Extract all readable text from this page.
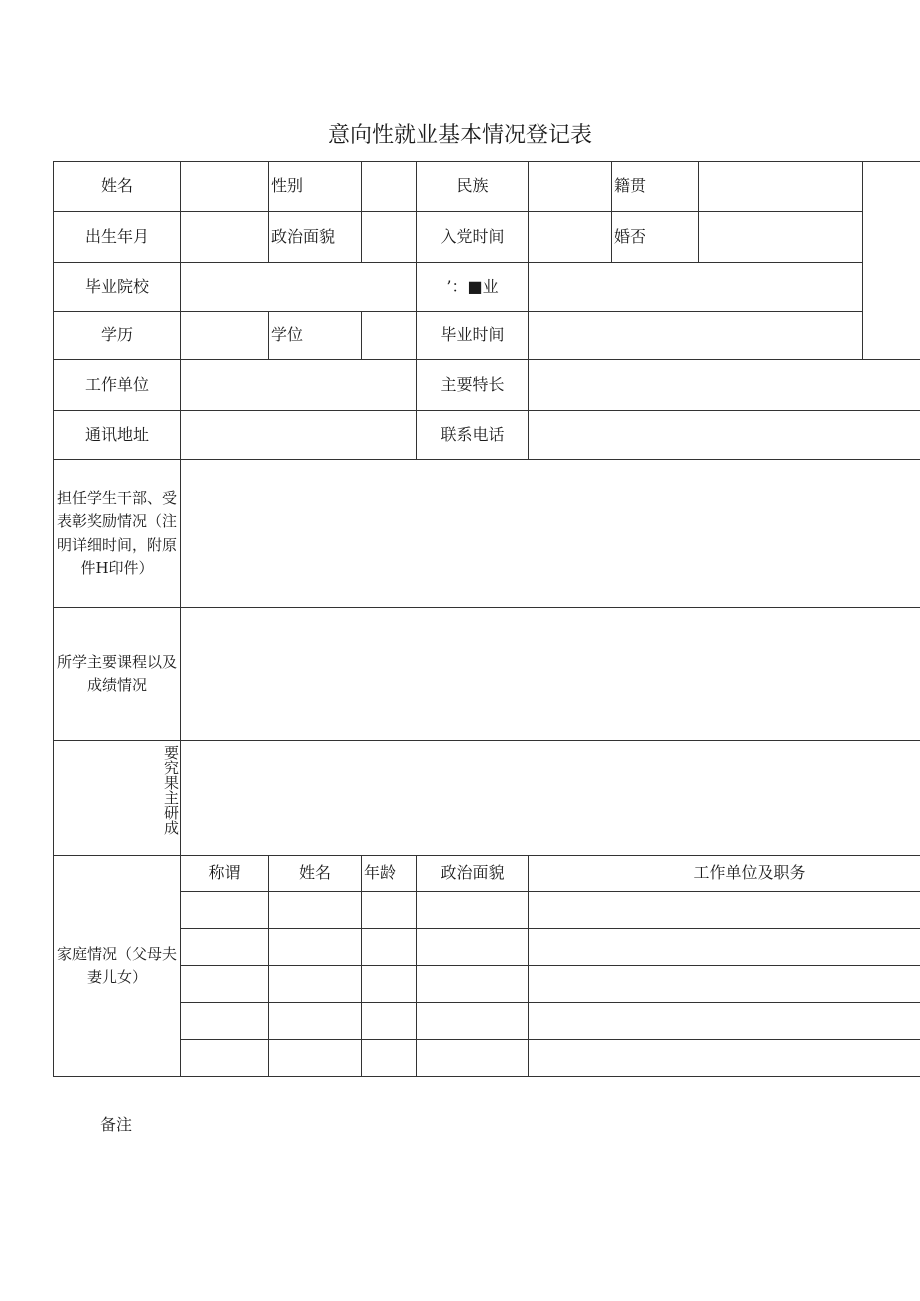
意向性就业基本情况登记表
姓名		性别		民族		籍贯		
出生年月		政治面貌		入党时间		婚否		
毕业院校				’：■业				
学历		学位		毕业时间				
工作单位				主要特长				
通讯地址				联系电话				
担任学生干部、受表彰奖励情况（注明详细时间，附原件H印件）								
所学主要课程以及成绩情况								
要究果主研成								
家庭情况（父母夫妻儿女）	称谓	姓名	年龄	政治面貌	工作单位及职务			

备注
